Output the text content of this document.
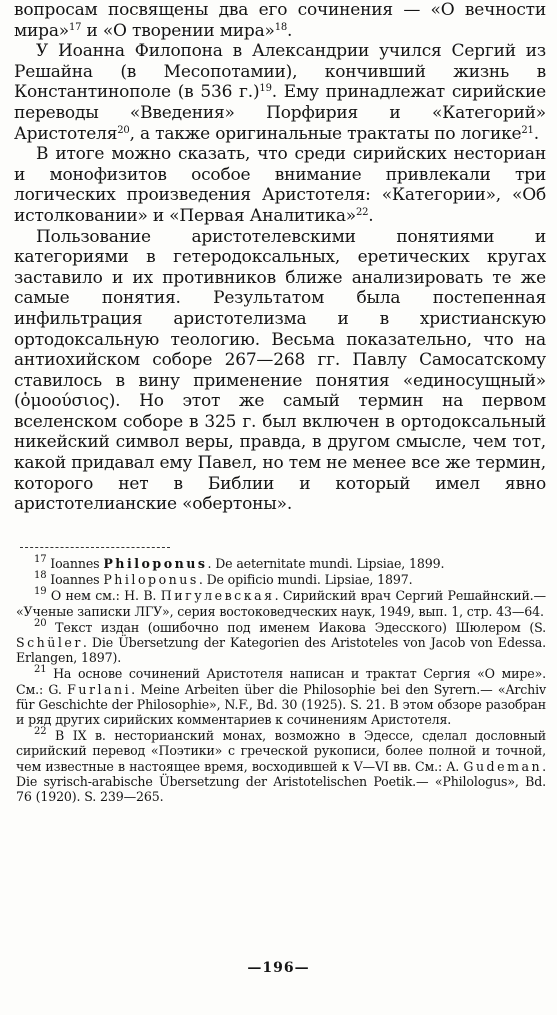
вопросам посвящены два его сочинения — «О вечности мира»$^{17}$ и «О творении мира»$^{18}$.

У Иоанна Филопона в Александрии учился Сергий из Решайна (в Месопотамии), кончивший жизнь в Константинополе (в 536 г.)$^{19}$. Ему принадлежат сирийские переводы «Введения» Порфирия и «Категорий» Аристотеля$^{20}$, а также оригинальные трактаты по логике$^{21}$.

В итоге можно сказать, что среди сирийских несториан и монофизитов особое внимание привлекали три логических произведения Аристотеля: «Категории», «Об истолковании» и «Первая Аналитика»$^{22}$.

Пользование аристотелевскими понятиями и категориями в гетеродоксальных, еретических кругах заставило и их противников ближе анализировать те же самые понятия. Результатом была постепенная инфильтрация аристотелизма и в христианскую ортодоксальную теологию. Весьма показательно, что на антиохийском соборе 267—268 гг. Павлу Самосатскому ставилось в вину применение понятия «единосущный» (ὁμοούσιος). Но этот же самый термин на первом вселенском соборе в 325 г. был включен в ортодоксальный никейский символ веры, правда, в другом смысле, чем тот, какой придавал ему Павел, но тем не менее все же термин, которого нет в Библии и который имел явно аристотелианские «обертоны».

$^{17}$ Ioannes Philoponus. De aeternitate mundi. Lipsiae, 1899.

$^{18}$ Ioannes Philoponus. De opificio mundi. Lipsiae, 1897.

$^{19}$ О нем см.: Н. В. Пигулевская. Сирийский врач Сергий Решайнский.— «Ученые записки ЛГУ», серия востоковедческих наук, 1949, вып. 1, стр. 43—64.

$^{20}$ Текст издан (ошибочно под именем Иакова Эдесского) Шюлером (S. Schüler. Die Übersetzung der Kategorien des Aristoteles von Jacob von Edessa. Erlangen, 1897).

$^{21}$ На основе сочинений Аристотеля написан и трактат Сергия «О мире». См.: G. Furlani. Meine Arbeiten über die Philosophie bei den Syrern.— «Archiv für Geschichte der Philosophie», N.F., Bd. 30 (1925). S. 21. В этом обзоре разобран и ряд других сирийских комментариев к сочинениям Аристотеля.

$^{22}$ В IX в. несторианский монах, возможно в Эдессе, сделал дословный сирийский перевод «Поэтики» с греческой рукописи, более полной и точной, чем известные в настоящее время, восходившей к V—VI вв. См.: A. Gudeman. Die syrisch-arabische Übersetzung der Aristotelischen Poetik.— «Philologus», Bd. 76 (1920). S. 239—265.

—196—
